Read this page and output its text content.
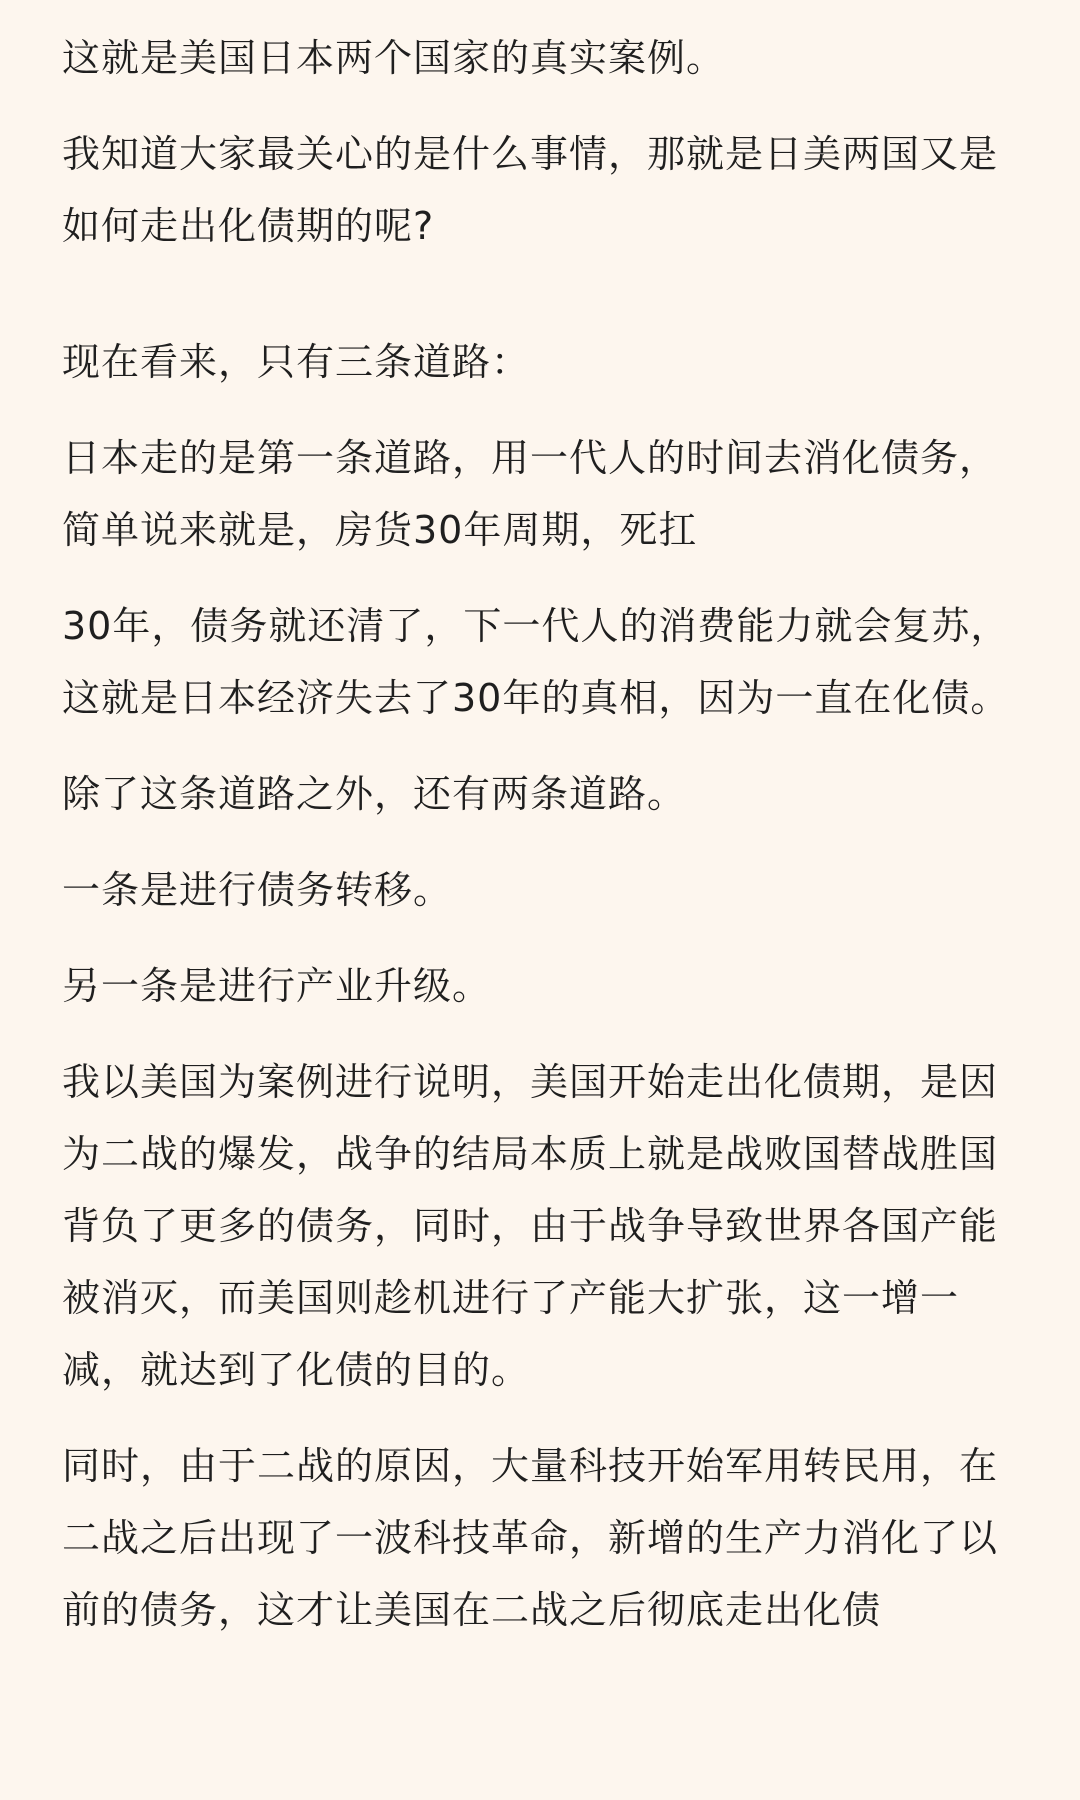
这就是美国日本两个国家的真实案例。

我知道大家最关心的是什么事情，那就是日美两国又是如何走出化债期的呢?

现在看来，只有三条道路：

日本走的是第一条道路，用一代人的时间去消化债务，简单说来就是，房货30年周期，死扛

30年，债务就还清了，下一代人的消费能力就会复苏，这就是日本经济失去了30年的真相，因为一直在化债。

除了这条道路之外，还有两条道路。

一条是进行债务转移。

另一条是进行产业升级。

我以美国为案例进行说明，美国开始走出化债期，是因为二战的爆发，战争的结局本质上就是战败国替战胜国背负了更多的债务，同时，由于战争导致世界各国产能被消灭，而美国则趁机进行了产能大扩张，这一增一减，就达到了化债的目的。

同时，由于二战的原因，大量科技开始军用转民用，在二战之后出现了一波科技革命，新增的生产力消化了以前的债务，这才让美国在二战之后彻底走出化债
